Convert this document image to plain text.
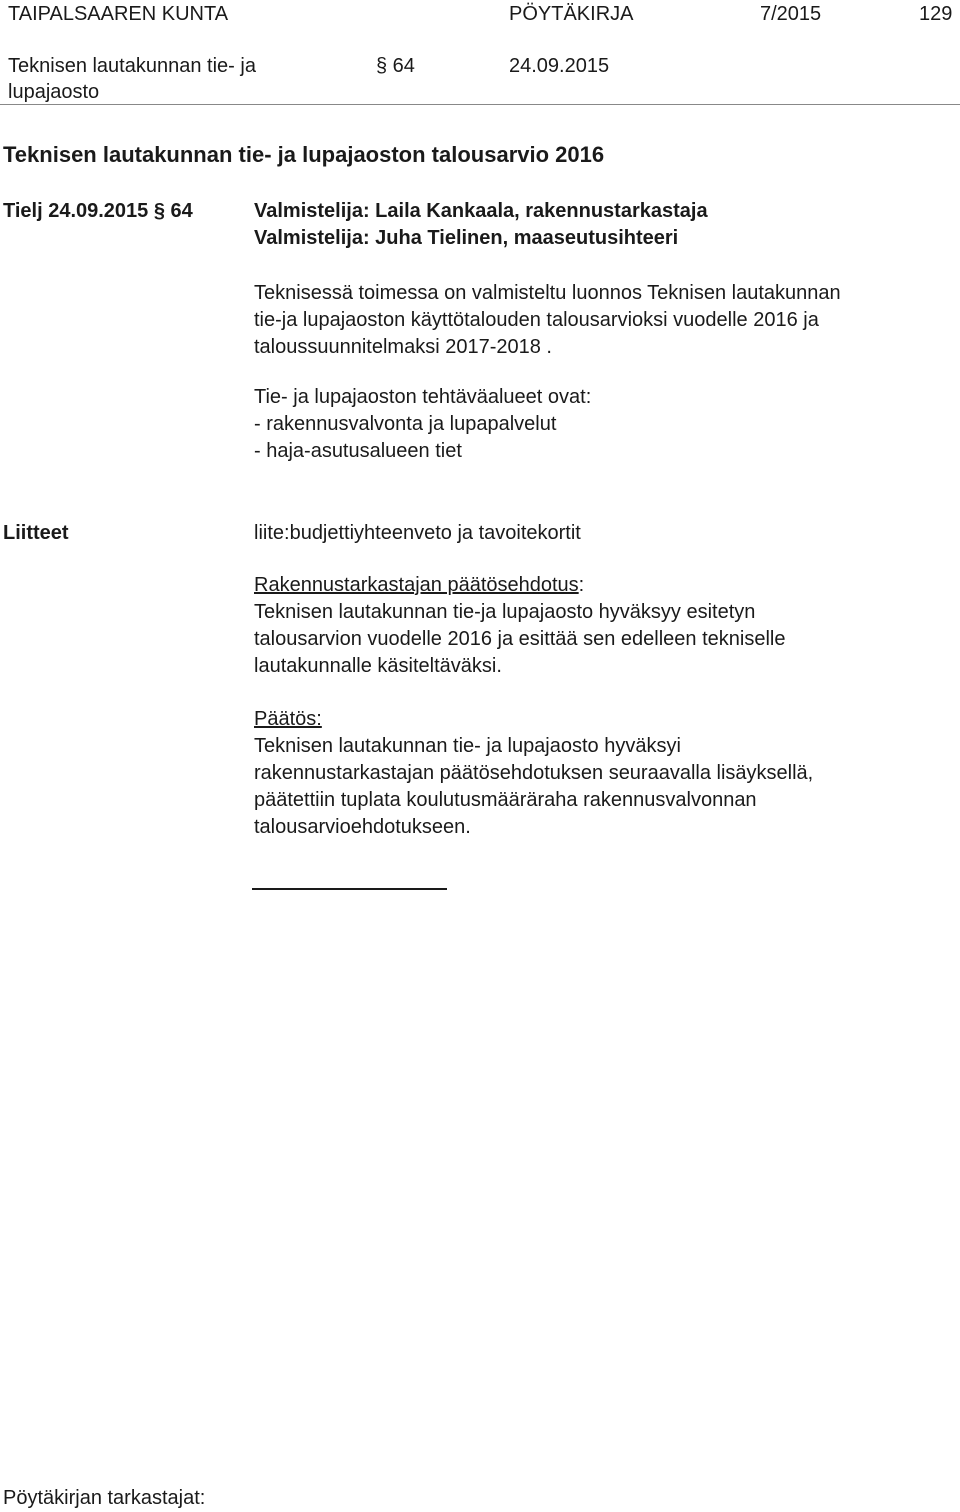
TAIPALSAAREN KUNTA	PÖYTÄKIRJA	7/2015	129
Teknisen lautakunnan tie- ja
lupajaosto
§ 64	24.09.2015
Teknisen lautakunnan tie- ja lupajaoston talousarvio 2016
Tielj 24.09.2015 § 64	Valmistelija: Laila Kankaala, rakennustarkastaja
Valmistelija: Juha Tielinen, maaseutusihteeri
Teknisessä toimessa on valmisteltu luonnos Teknisen lautakunnan
tie-ja lupajaoston käyttötalouden talousarvioksi vuodelle 2016 ja
taloussuunnitelmaksi 2017-2018 .
Tie- ja lupajaoston tehtäväalueet ovat:
- rakennusvalvonta ja lupapalvelut
- haja-asutusalueen tiet
Liitteet	liite:budjettiyhteenveto ja tavoitekortit
Rakennustarkastajan päätösehdotus:
Teknisen lautakunnan tie-ja lupajaosto hyväksyy esitetyn
talousarvion vuodelle 2016 ja esittää sen edelleen tekniselle
lautakunnalle käsiteltäväksi.
Päätös:
Teknisen lautakunnan tie- ja lupajaosto hyväksyi
rakennustarkastajan päätösehdotuksen seuraavalla lisäyksellä,
päätettiin tuplata koulutusmääräraha rakennusvalvonnan
talousarvioehdotukseen.
Pöytäkirjan tarkastajat:
